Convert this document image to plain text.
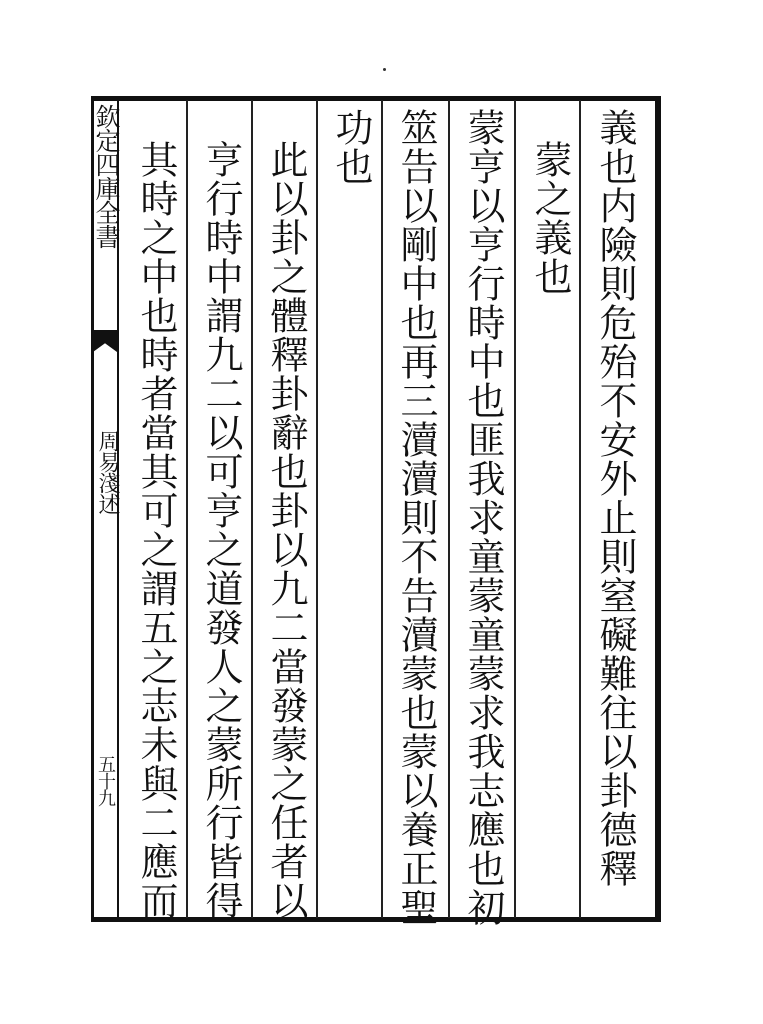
欽定四庫全書
周易淺述
五十九	義也内險則危殆不安外止則窒礙難往以卦德釋
蒙之義也
蒙亨以亨行時中也匪我求童蒙童蒙求我志應也初
筮告以剛中也再三瀆瀆則不告瀆蒙也蒙以養正聖
功也
此以卦之體釋卦辭也卦以九二當發蒙之任者以
亨行時中謂九二以可亨之道發人之蒙所行皆得
其時之中也時者當其可之謂五之志未與二應而
